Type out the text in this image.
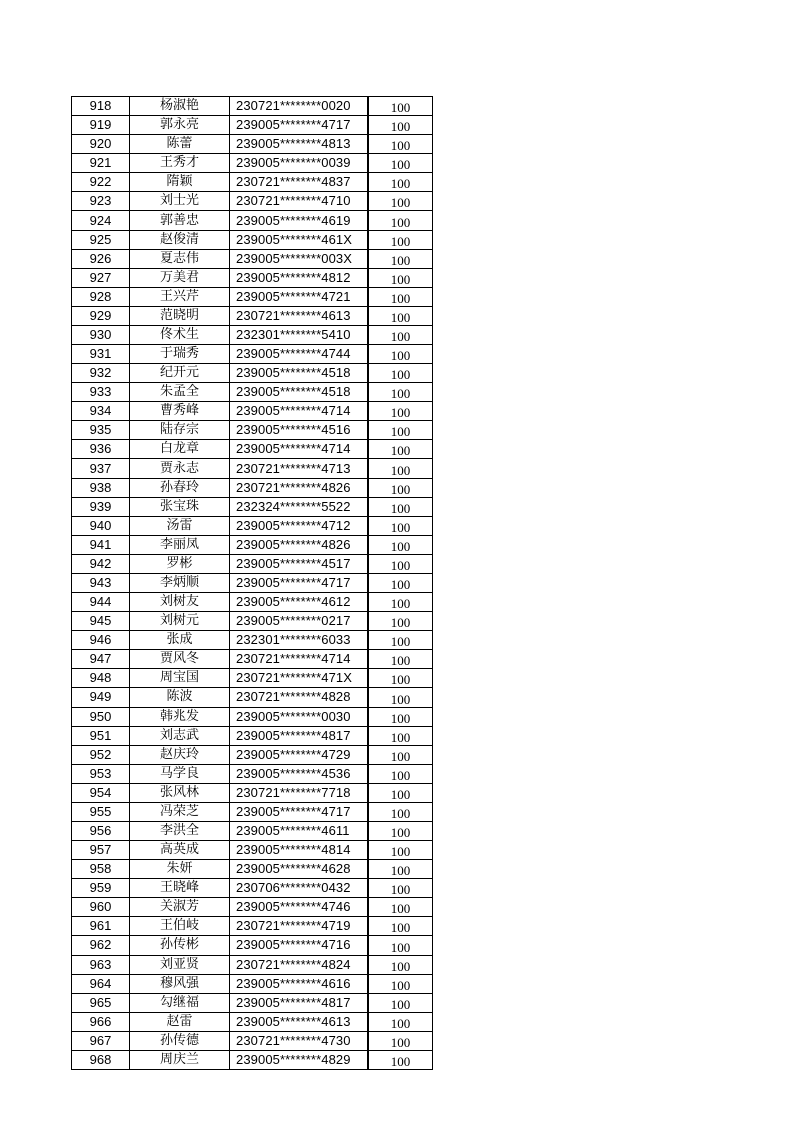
918	杨淑艳	230721********0020	100
919	郭永亮	239005********4717	100
920	陈蕾	239005********4813	100
921	王秀才	239005********0039	100
922	隋颖	230721********4837	100
923	刘士光	230721********4710	100
924	郭善忠	239005********4619	100
925	赵俊清	239005********461X	100
926	夏志伟	239005********003X	100
927	万美君	239005********4812	100
928	王兴芹	239005********4721	100
929	范晓明	230721********4613	100
930	佟术生	232301********5410	100
931	于瑞秀	239005********4744	100
932	纪开元	239005********4518	100
933	朱孟全	239005********4518	100
934	曹秀峰	239005********4714	100
935	陆存宗	239005********4516	100
936	白龙章	239005********4714	100
937	贾永志	230721********4713	100
938	孙春玲	230721********4826	100
939	张宝珠	232324********5522	100
940	汤雷	239005********4712	100
941	李丽凤	239005********4826	100
942	罗彬	239005********4517	100
943	李炳顺	239005********4717	100
944	刘树友	239005********4612	100
945	刘树元	239005********0217	100
946	张成	232301********6033	100
947	贾风冬	230721********4714	100
948	周宝国	230721********471X	100
949	陈波	230721********4828	100
950	韩兆发	239005********0030	100
951	刘志武	239005********4817	100
952	赵庆玲	239005********4729	100
953	马学良	239005********4536	100
954	张风林	230721********7718	100
955	冯荣芝	239005********4717	100
956	李洪全	239005********4611	100
957	高英成	239005********4814	100
958	朱妍	239005********4628	100
959	王晓峰	230706********0432	100
960	关淑芳	239005********4746	100
961	王伯岐	230721********4719	100
962	孙传彬	239005********4716	100
963	刘亚贤	230721********4824	100
964	穆风强	239005********4616	100
965	勾继福	239005********4817	100
966	赵雷	239005********4613	100
967	孙传德	230721********4730	100
968	周庆兰	239005********4829	100
